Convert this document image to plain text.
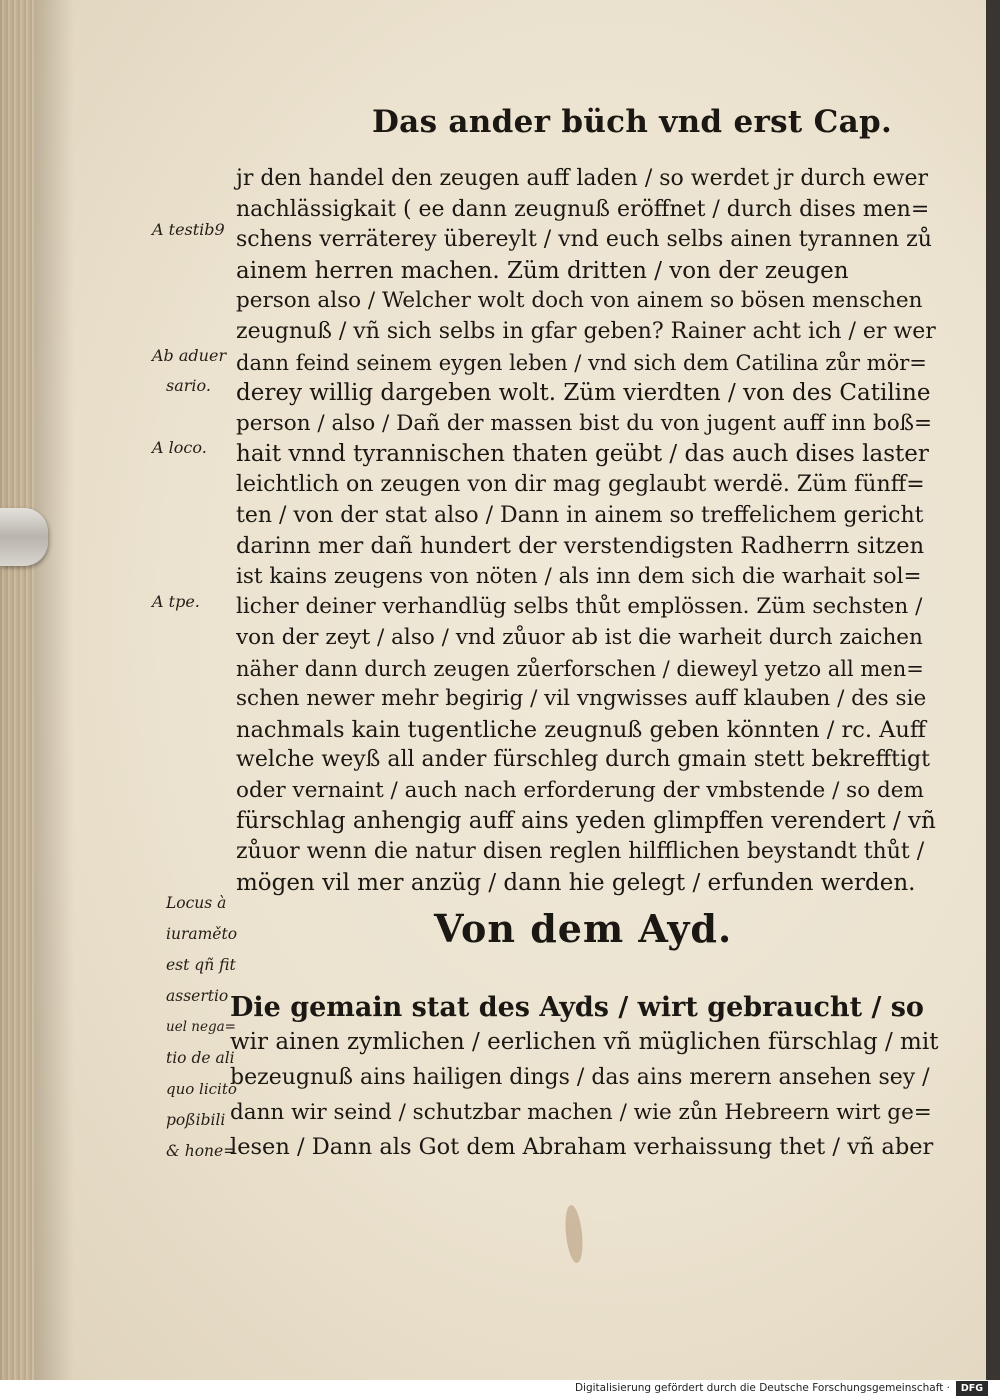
Das ander büch vnd erst Cap.
jr den handel den zeugen auff laden / so werdet jr durch ewer
nachlässigkait ( ee dann zeugnuß eröffnet / durch dises men=
schens verräterey übereylt / vnd euch selbs ainen tyrannen zů
ainem herren machen. Züm dritten / von der zeugen
person also / Welcher wolt doch von ainem so bösen menschen
zeugnuß / vñ sich selbs in gfar geben? Rainer acht ich / er wer
dann feind seinem eygen leben / vnd sich dem Catilina zůr mör=
derey willig dargeben wolt. Züm vierdten / von des Catiline
person / also / Dañ der massen bist du von jugent auff inn boß=
hait vnnd tyrannischen thaten geübt / das auch dises laster
leichtlich on zeugen von dir mag geglaubt werdë. Züm fünff=
ten / von der stat also / Dann in ainem so treffelichem gericht
darinn mer dañ hundert der verstendigsten Radherrn sitzen
ist kains zeugens von nöten / als inn dem sich die warhait sol=
licher deiner verhandlüg selbs thůt emplössen. Züm sechsten /
von der zeyt / also / vnd zůuor ab ist die warheit durch zaichen
näher dann durch zeugen zůerforschen / dieweyl yetzo all men=
schen newer mehr begirig / vil vngwisses auff klauben / des sie
nachmals kain tugentliche zeugnuß geben könnten / rc. Auff
welche weyß all ander fürschleg durch gmain stett bekrefftigt
oder vernaint / auch nach erforderung der vmbstende / so dem
fürschlag anhengig auff ains yeden glimpffen verendert / vñ
zůuor wenn die natur disen reglen hilfflichen beystandt thůt /
mögen vil mer anzüg / dann hie gelegt / erfunden werden.
A testib9
Ab aduer
sario.
A loco.
A tpe.
Von dem Ayd.
Die gemain stat des Ayds / wirt gebraucht / so
wir ainen zymlichen / eerlichen vñ müglichen fürschlag / mit
bezeugnuß ains hailigen dings / das ains merern ansehen sey /
dann wir seind / schutzbar machen / wie zůn Hebreern wirt ge=
lesen / Dann als Got dem Abraham verhaissung thet / vñ aber
Locus à
iuraměto
est qñ fit
assertio
uel nega=
tio de ali
quo licito
poßibili
& hone=
Digitalisierung gefördert durch die Deutsche Forschungsgemeinschaft ·	DFG
